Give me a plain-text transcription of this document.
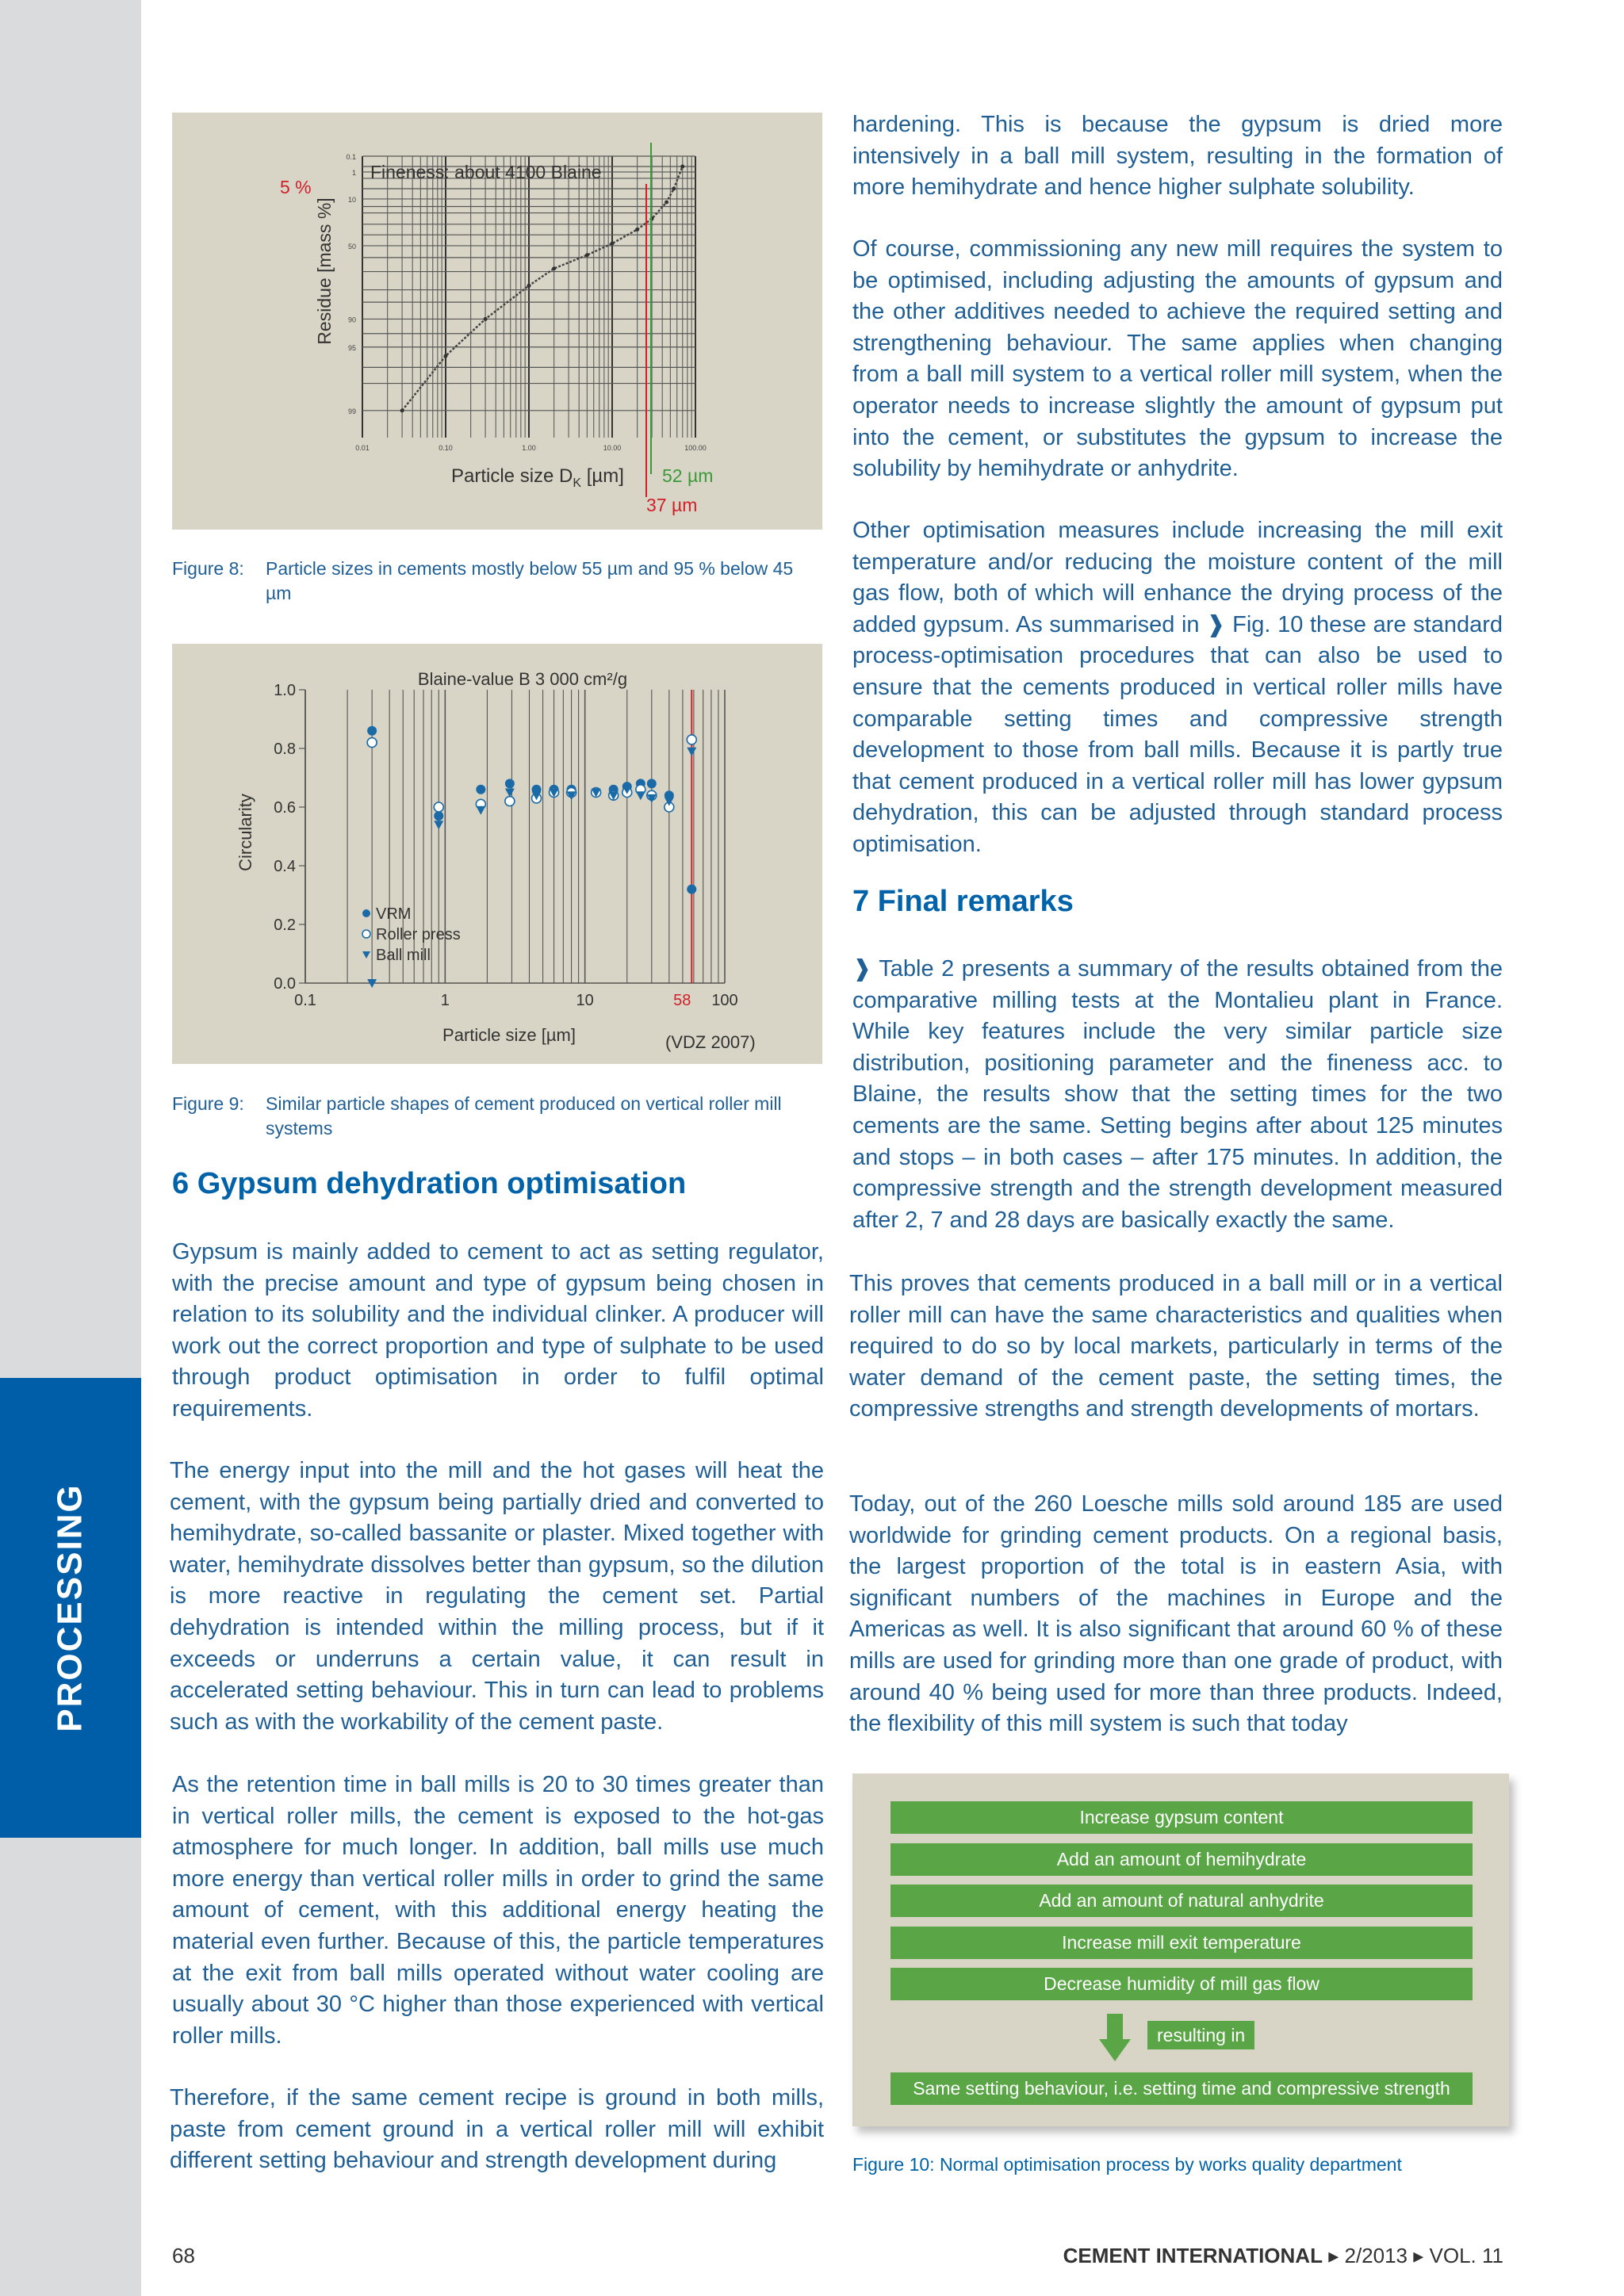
PROCESSING
5 %
Fineness: about 4100 Blaine
Residue [mass %]
Particle size $D_K$ [µm] 52 µm
37 µm
0.1
1
10
50
90
95
99
0.01	0.10	1.00	10.00	100.00
Figure 8: Particle sizes in cements mostly below 55 µm and 95 % below 45 µm
Blaine-value B 3 000 cm²/g
Circularity
Particle size [µm]	(VDZ 2007)
0.0
0.2
0.4
0.6
0.8
1.0
0.1	1	10	100
58
VRM
Roller press
Ball mill
Figure 9: Similar particle shapes of cement produced on vertical roller mill systems
6 Gypsum dehydration optimisation

Gypsum is mainly added to cement to act as setting regulator, with the precise amount and type of gypsum being chosen in relation to its solubility and the individual clinker. A producer will work out the correct proportion and type of sulphate to be used through product optimisation in order to fulfil optimal requirements.

The energy input into the mill and the hot gases will heat the cement, with the gypsum being partially dried and converted to hemihydrate, so-called bassanite or plaster. Mixed together with water, hemihydrate dissolves better than gypsum, so the dilution is more reactive in regulating the cement set. Partial dehydration is intended within the milling process, but if it exceeds or underruns a certain value, it can result in accelerated setting behaviour. This in turn can lead to problems such as with the workability of the cement paste.

As the retention time in ball mills is 20 to 30 times greater than in vertical roller mills, the cement is exposed to the hot-gas atmosphere for much longer. In addition, ball mills use much more energy than vertical roller mills in order to grind the same amount of cement, with this additional energy heating the material even further. Because of this, the particle temperatures at the exit from ball mills operated without water cooling are usually about 30 °C higher than those experienced with vertical roller mills.

Therefore, if the same cement recipe is ground in both mills, paste from cement ground in a vertical roller mill will exhibit different setting behaviour and strength development during

hardening. This is because the gypsum is dried more intensively in a ball mill system, resulting in the formation of more hemihydrate and hence higher sulphate solubility.

Of course, commissioning any new mill requires the system to be optimised, including adjusting the amounts of gypsum and the other additives needed to achieve the required setting and strengthening behaviour. The same applies when changing from a ball mill system to a vertical roller mill system, when the operator needs to increase slightly the amount of gypsum put into the cement, or substitutes the gypsum to increase the solubility by hemihydrate or anhydrite.

Other optimisation measures include increasing the mill exit temperature and/or reducing the moisture content of the mill gas flow, both of which will enhance the drying process of the added gypsum. As summarised in ❱ Fig. 10 these are standard process-optimisation procedures that can also be used to ensure that the cements produced in vertical roller mills have comparable setting times and compressive strength development to those from ball mills. Because it is partly true that cement produced in a vertical roller mill has lower gypsum dehydration, this can be adjusted through standard process optimisation.

7 Final remarks

❱ Table 2 presents a summary of the results obtained from the comparative milling tests at the Montalieu plant in France. While key features include the very similar particle size distribution, positioning parameter and the fineness acc. to Blaine, the results show that the setting times for the two cements are the same. Setting begins after about 125 minutes and stops – in both cases – after 175 minutes. In addition, the compressive strength and the strength development measured after 2, 7 and 28 days are basically exactly the same.

This proves that cements produced in a ball mill or in a vertical roller mill can have the same characteristics and qualities when required to do so by local markets, particularly in terms of the water demand of the cement paste, the setting times, the compressive strengths and strength developments of mortars.

Today, out of the 260 Loesche mills sold around 185 are used worldwide for grinding cement products. On a regional basis, the largest proportion of the total is in eastern Asia, with significant numbers of the machines in Europe and the Americas as well. It is also significant that around 60 % of these mills are used for grinding more than one grade of product, with around 40 % being used for more than three products. Indeed, the flexibility of this mill system is such that today

Increase gypsum content
Add an amount of hemihydrate
Add an amount of natural anhydrite
Increase mill exit temperature
Decrease humidity of mill gas flow
resulting in
Same setting behaviour, i.e. setting time and compressive strength
Figure 10: Normal optimisation process by works quality department
68	CEMENT INTERNATIONAL ▸ 2/2013 ▸ VOL. 11
